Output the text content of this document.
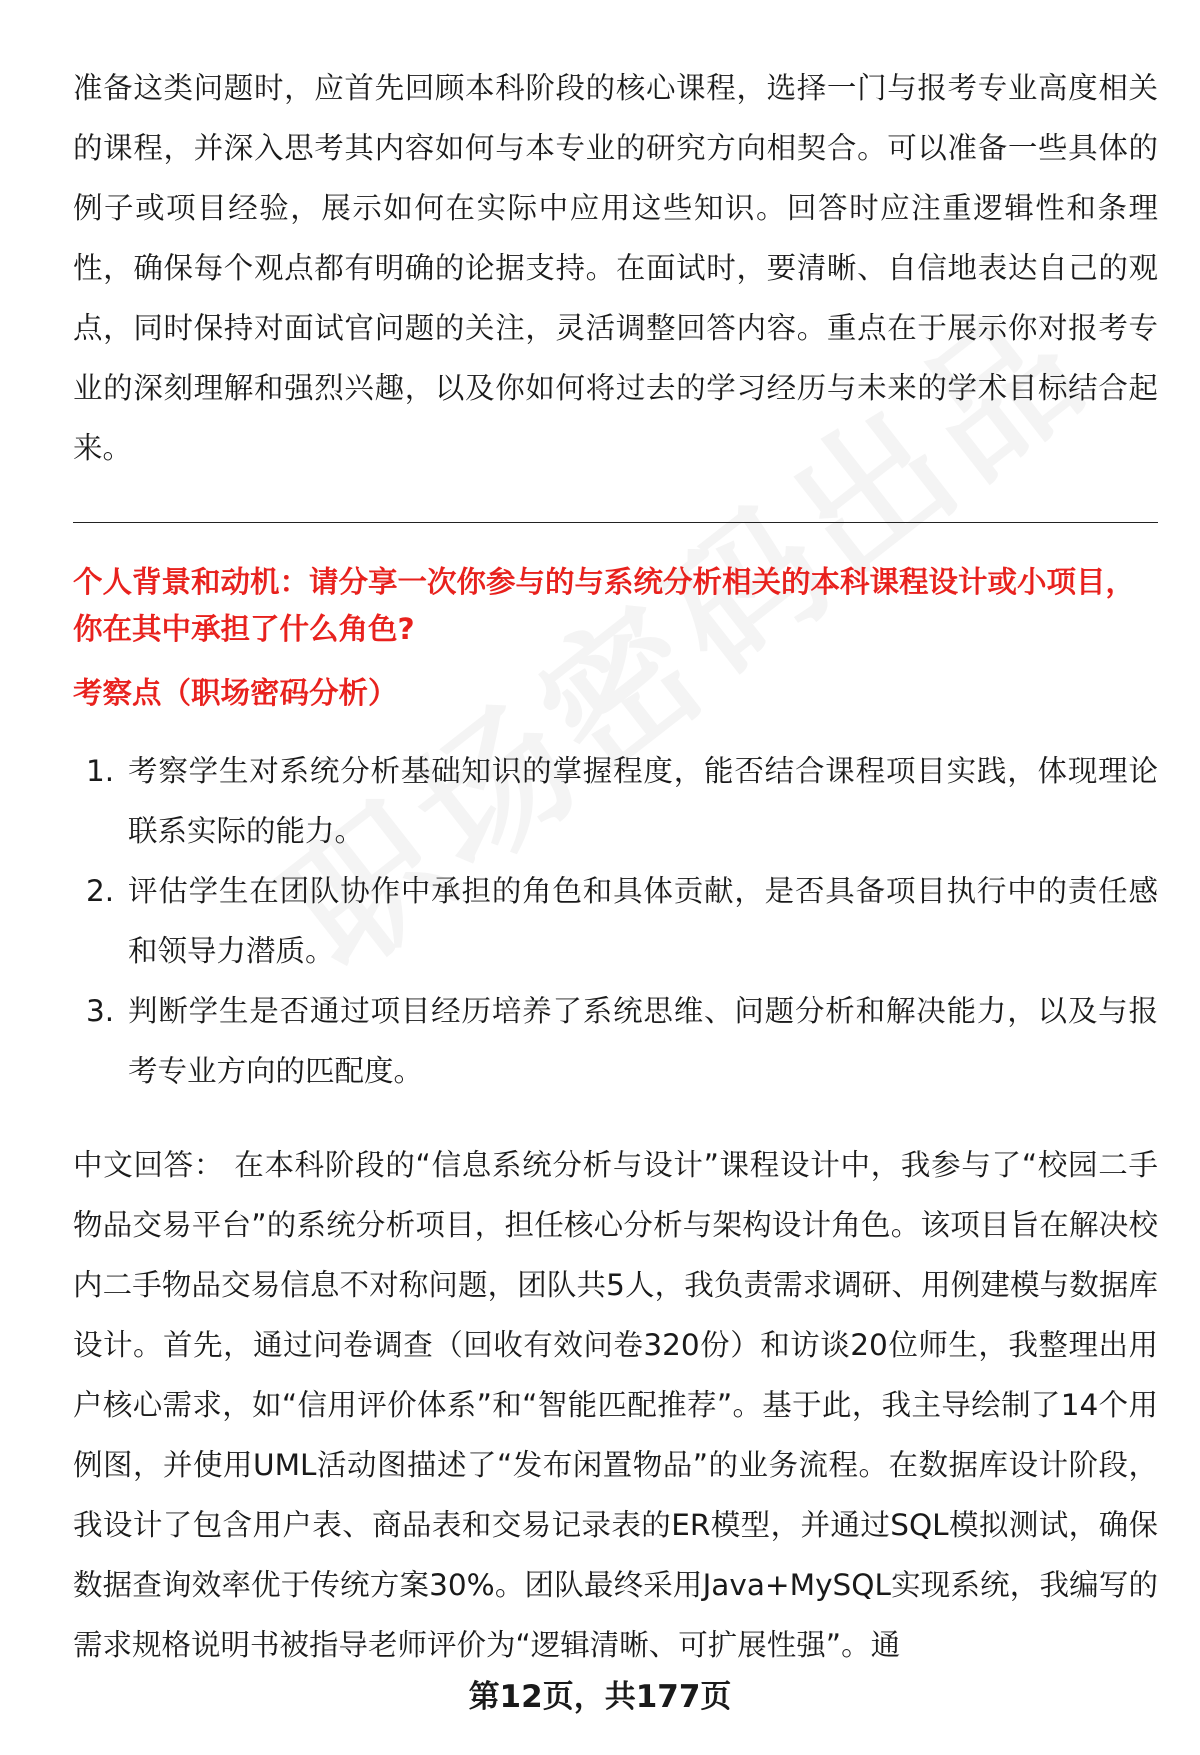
准备这类问题时，应首先回顾本科阶段的核心课程，选择一门与报考专业高度相关的课程，并深入思考其内容如何与本专业的研究方向相契合。可以准备一些具体的例子或项目经验，展示如何在实际中应用这些知识。回答时应注重逻辑性和条理性，确保每个观点都有明确的论据支持。在面试时，要清晰、自信地表达自己的观点，同时保持对面试官问题的关注，灵活调整回答内容。重点在于展示你对报考专业的深刻理解和强烈兴趣，以及你如何将过去的学习经历与未来的学术目标结合起来。

个人背景和动机：请分享一次你参与的与系统分析相关的本科课程设计或小项目，你在其中承担了什么角色?
考察点（职场密码分析）
1. 考察学生对系统分析基础知识的掌握程度，能否结合课程项目实践，体现理论联系实际的能力。
2. 评估学生在团队协作中承担的角色和具体贡献，是否具备项目执行中的责任感和领导力潜质。
3. 判断学生是否通过项目经历培养了系统思维、问题分析和解决能力，以及与报考专业方向的匹配度。

中文回答： 在本科阶段的“信息系统分析与设计”课程设计中，我参与了“校园二手物品交易平台”的系统分析项目，担任核心分析与架构设计角色。该项目旨在解决校内二手物品交易信息不对称问题，团队共5人，我负责需求调研、用例建模与数据库设计。首先，通过问卷调查（回收有效问卷320份）和访谈20位师生，我整理出用户核心需求，如“信用评价体系”和“智能匹配推荐”。基于此，我主导绘制了14个用例图，并使用UML活动图描述了“发布闲置物品”的业务流程。在数据库设计阶段，我设计了包含用户表、商品表和交易记录表的ER模型，并通过SQL模拟测试，确保数据查询效率优于传统方案30%。团队最终采用Java+MySQL实现系统，我编写的需求规格说明书被指导老师评价为“逻辑清晰、可扩展性强”。通

第12页，共177页
